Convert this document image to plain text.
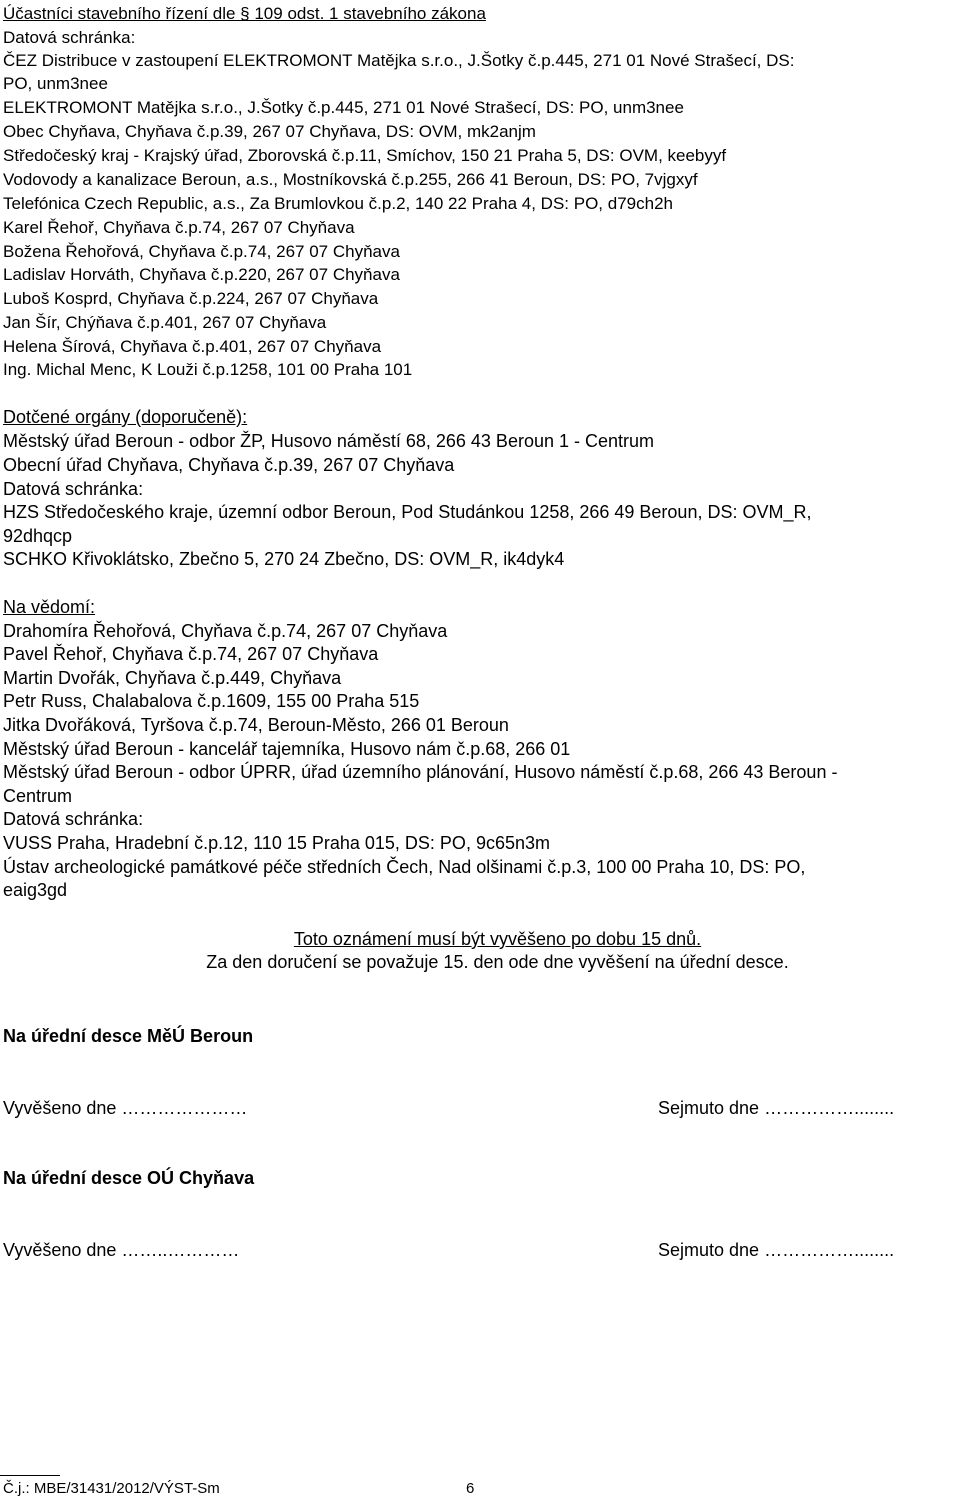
Účastníci stavebního řízení dle § 109 odst. 1 stavebního zákona
Datová schránka:
ČEZ Distribuce v zastoupení ELEKTROMONT Matějka s.r.o., J.Šotky č.p.445, 271 01 Nové Strašecí, DS:
PO, unm3nee
ELEKTROMONT Matějka s.r.o., J.Šotky č.p.445, 271 01 Nové Strašecí, DS: PO, unm3nee
Obec Chyňava, Chyňava č.p.39, 267 07 Chyňava, DS: OVM, mk2anjm
Středočeský kraj - Krajský úřad, Zborovská č.p.11, Smíchov, 150 21 Praha 5, DS: OVM, keebyyf
Vodovody a kanalizace Beroun, a.s., Mostníkovská č.p.255, 266 41 Beroun, DS: PO, 7vjgxyf
Telefónica Czech Republic, a.s., Za Brumlovkou č.p.2, 140 22 Praha 4, DS: PO, d79ch2h
Karel Řehoř, Chyňava č.p.74, 267 07 Chyňava
Božena Řehořová, Chyňava č.p.74, 267 07 Chyňava
Ladislav Horváth, Chyňava č.p.220, 267 07 Chyňava
Luboš Kosprd, Chyňava č.p.224, 267 07 Chyňava
Jan Šír, Chýňava č.p.401, 267 07 Chyňava
Helena Šírová, Chyňava č.p.401, 267 07 Chyňava
Ing. Michal Menc, K Louži č.p.1258, 101 00 Praha 101
Dotčené orgány (doporučeně):
Městský úřad Beroun - odbor ŽP, Husovo náměstí 68, 266 43 Beroun 1 - Centrum
Obecní úřad Chyňava, Chyňava č.p.39, 267 07 Chyňava
Datová schránka:
HZS Středočeského kraje, územní odbor Beroun, Pod Studánkou 1258, 266 49 Beroun, DS: OVM_R,
92dhqcp
SCHKO Křivoklátsko, Zbečno 5, 270 24 Zbečno, DS: OVM_R, ik4dyk4
Na vědomí:
Drahomíra Řehořová, Chyňava č.p.74, 267 07 Chyňava
Pavel Řehoř, Chyňava č.p.74, 267 07 Chyňava
Martin Dvořák, Chyňava č.p.449, Chyňava
Petr Russ, Chalabalova č.p.1609, 155 00 Praha 515
Jitka Dvořáková, Tyršova č.p.74, Beroun-Město, 266 01 Beroun
Městský úřad Beroun - kancelář tajemníka, Husovo nám č.p.68, 266 01
Městský úřad Beroun - odbor ÚPRR, úřad územního plánování, Husovo náměstí č.p.68, 266 43 Beroun -
Centrum
Datová schránka:
VUSS Praha, Hradební č.p.12, 110 15 Praha 015, DS: PO, 9c65n3m
Ústav archeologické památkové péče středních Čech, Nad olšinami č.p.3, 100 00 Praha 10, DS: PO,
eaig3gd
Toto oznámení musí být vyvěšeno po dobu 15 dnů.
Za den doručení se považuje 15. den ode dne vyvěšení na úřední desce.
Na úřední desce MěÚ Beroun
Vyvěšeno dne …………………	Sejmuto dne ……………........
Na úřední desce OÚ Chyňava
Vyvěšeno dne ……..…………	Sejmuto dne ……………........
Č.j.: MBE/31431/2012/VÝST-Sm	6
